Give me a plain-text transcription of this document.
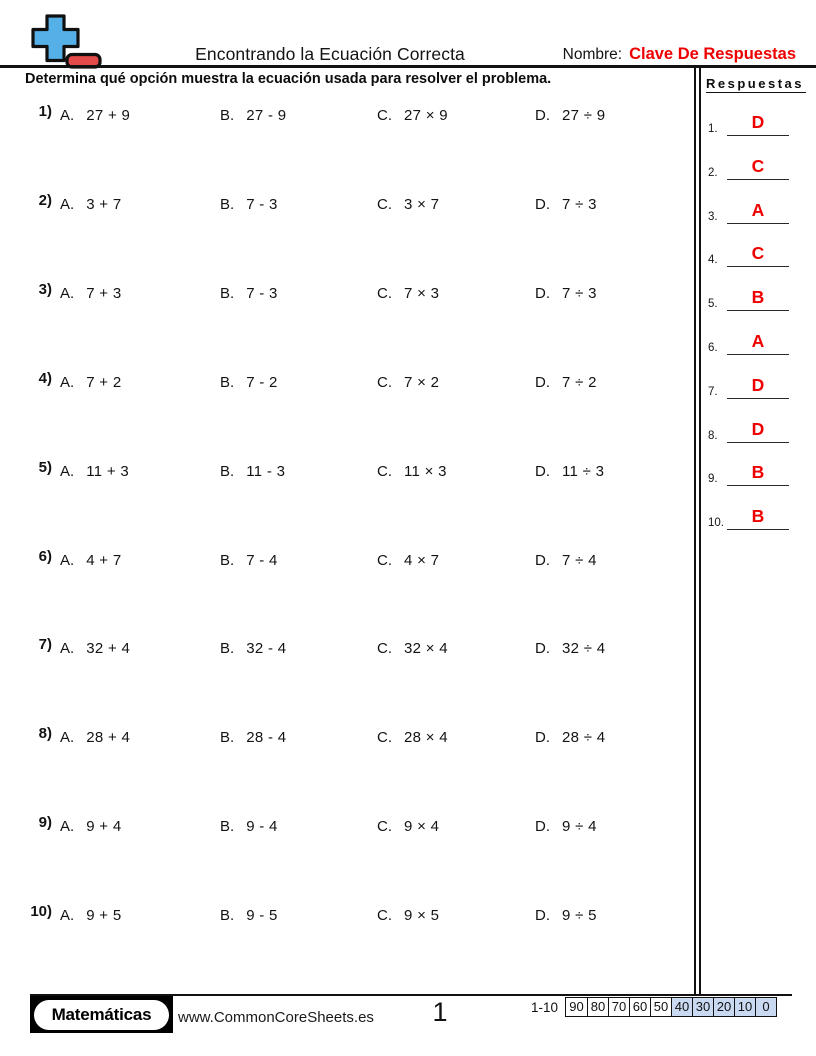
Encontrando la Ecuación Correcta	Nombre: Clave De Respuestas
Determina qué opción muestra la ecuación usada para resolver el problema.
1) A. 27 + 9	B. 27 - 9	C. 27 × 9	D. 27 ÷ 9
2) A. 3 + 7	B. 7 - 3	C. 3 × 7	D. 7 ÷ 3
3) A. 7 + 3	B. 7 - 3	C. 7 × 3	D. 7 ÷ 3
4) A. 7 + 2	B. 7 - 2	C. 7 × 2	D. 7 ÷ 2
5) A. 11 + 3	B. 11 - 3	C. 11 × 3	D. 11 ÷ 3
6) A. 4 + 7	B. 7 - 4	C. 4 × 7	D. 7 ÷ 4
7) A. 32 + 4	B. 32 - 4	C. 32 × 4	D. 32 ÷ 4
8) A. 28 + 4	B. 28 - 4	C. 28 × 4	D. 28 ÷ 4
9) A. 9 + 4	B. 9 - 4	C. 9 × 4	D. 9 ÷ 4
10) A. 9 + 5	B. 9 - 5	C. 9 × 5	D. 9 ÷ 5
Respuestas
1.	D
2.	C
3.	A
4.	C
5.	B
6.	A
7.	D
8.	D
9.	B
10.	B
Matemáticas www.CommonCoreSheets.es 1	1-10 90 80 70 60 50 40 30 20 10 0
